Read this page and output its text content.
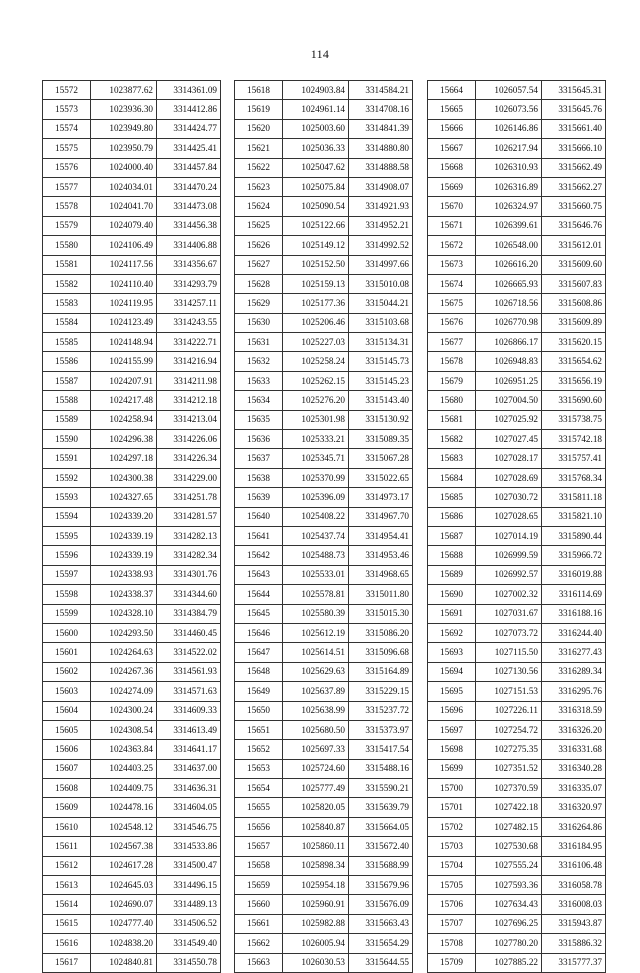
114
15572	1023877.62	3314361.09
15573	1023936.30	3314412.86
15574	1023949.80	3314424.77
15575	1023950.79	3314425.41
15576	1024000.40	3314457.84
15577	1024034.01	3314470.24
15578	1024041.70	3314473.08
15579	1024079.40	3314456.38
15580	1024106.49	3314406.88
15581	1024117.56	3314356.67
15582	1024110.40	3314293.79
15583	1024119.95	3314257.11
15584	1024123.49	3314243.55
15585	1024148.94	3314222.71
15586	1024155.99	3314216.94
15587	1024207.91	3314211.98
15588	1024217.48	3314212.18
15589	1024258.94	3314213.04
15590	1024296.38	3314226.06
15591	1024297.18	3314226.34
15592	1024300.38	3314229.00
15593	1024327.65	3314251.78
15594	1024339.20	3314281.57
15595	1024339.19	3314282.13
15596	1024339.19	3314282.34
15597	1024338.93	3314301.76
15598	1024338.37	3314344.60
15599	1024328.10	3314384.79
15600	1024293.50	3314460.45
15601	1024264.63	3314522.02
15602	1024267.36	3314561.93
15603	1024274.09	3314571.63
15604	1024300.24	3314609.33
15605	1024308.54	3314613.49
15606	1024363.84	3314641.17
15607	1024403.25	3314637.00
15608	1024409.75	3314636.31
15609	1024478.16	3314604.05
15610	1024548.12	3314546.75
15611	1024567.38	3314533.86
15612	1024617.28	3314500.47
15613	1024645.03	3314496.15
15614	1024690.07	3314489.13
15615	1024777.40	3314506.52
15616	1024838.20	3314549.40
15617	1024840.81	3314550.78
15618	1024903.84	3314584.21
15619	1024961.14	3314708.16
15620	1025003.60	3314841.39
15621	1025036.33	3314880.80
15622	1025047.62	3314888.58
15623	1025075.84	3314908.07
15624	1025090.54	3314921.93
15625	1025122.66	3314952.21
15626	1025149.12	3314992.52
15627	1025152.50	3314997.66
15628	1025159.13	3315010.08
15629	1025177.36	3315044.21
15630	1025206.46	3315103.68
15631	1025227.03	3315134.31
15632	1025258.24	3315145.73
15633	1025262.15	3315145.23
15634	1025276.20	3315143.40
15635	1025301.98	3315130.92
15636	1025333.21	3315089.35
15637	1025345.71	3315067.28
15638	1025370.99	3315022.65
15639	1025396.09	3314973.17
15640	1025408.22	3314967.70
15641	1025437.74	3314954.41
15642	1025488.73	3314953.46
15643	1025533.01	3314968.65
15644	1025578.81	3315011.80
15645	1025580.39	3315015.30
15646	1025612.19	3315086.20
15647	1025614.51	3315096.68
15648	1025629.63	3315164.89
15649	1025637.89	3315229.15
15650	1025638.99	3315237.72
15651	1025680.50	3315373.97
15652	1025697.33	3315417.54
15653	1025724.60	3315488.16
15654	1025777.49	3315590.21
15655	1025820.05	3315639.79
15656	1025840.87	3315664.05
15657	1025860.11	3315672.40
15658	1025898.34	3315688.99
15659	1025954.18	3315679.96
15660	1025960.91	3315676.09
15661	1025982.88	3315663.43
15662	1026005.94	3315654.29
15663	1026030.53	3315644.55
15664	1026057.54	3315645.31
15665	1026073.56	3315645.76
15666	1026146.86	3315661.40
15667	1026217.94	3315666.10
15668	1026310.93	3315662.49
15669	1026316.89	3315662.27
15670	1026324.97	3315660.75
15671	1026399.61	3315646.76
15672	1026548.00	3315612.01
15673	1026616.20	3315609.60
15674	1026665.93	3315607.83
15675	1026718.56	3315608.86
15676	1026770.98	3315609.89
15677	1026866.17	3315620.15
15678	1026948.83	3315654.62
15679	1026951.25	3315656.19
15680	1027004.50	3315690.60
15681	1027025.92	3315738.75
15682	1027027.45	3315742.18
15683	1027028.17	3315757.41
15684	1027028.69	3315768.34
15685	1027030.72	3315811.18
15686	1027028.65	3315821.10
15687	1027014.19	3315890.44
15688	1026999.59	3315966.72
15689	1026992.57	3316019.88
15690	1027002.32	3316114.69
15691	1027031.67	3316188.16
15692	1027073.72	3316244.40
15693	1027115.50	3316277.43
15694	1027130.56	3316289.34
15695	1027151.53	3316295.76
15696	1027226.11	3316318.59
15697	1027254.72	3316326.20
15698	1027275.35	3316331.68
15699	1027351.52	3316340.28
15700	1027370.59	3316335.07
15701	1027422.18	3316320.97
15702	1027482.15	3316264.86
15703	1027530.68	3316184.95
15704	1027555.24	3316106.48
15705	1027593.36	3316058.78
15706	1027634.43	3316008.03
15707	1027696.25	3315943.87
15708	1027780.20	3315886.32
15709	1027885.22	3315777.37
